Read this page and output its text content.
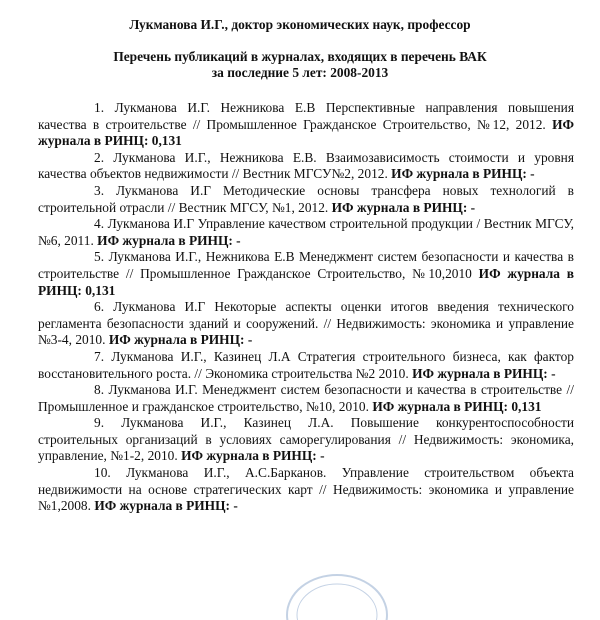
Лукманова И.Г., доктор экономических наук, профессор
Перечень публикаций в журналах, входящих в перечень ВАК
за последние 5 лет: 2008-2013

1. Лукманова И.Г. Нежникова Е.В Перспективные направления повышения качества в строительстве // Промышленное Гражданское Строительство, №12, 2012. ИФ журнала в РИНЦ: 0,131

2. Лукманова И.Г., Нежникова Е.В. Взаимозависимость стоимости и уровня качества объектов недвижимости // Вестник МГСУ№2, 2012. ИФ журнала в РИНЦ: -

3. Лукманова И.Г Методические основы трансфера новых технологий в строительной отрасли // Вестник МГСУ, №1, 2012. ИФ журнала в РИНЦ: -

4. Лукманова И.Г Управление качеством строительной продукции / Вестник МГСУ, №6, 2011. ИФ журнала в РИНЦ: -

5. Лукманова И.Г., Нежникова Е.В Менеджмент систем безопасности и качества в строительстве // Промышленное Гражданское Строительство, №10,2010 ИФ журнала в РИНЦ: 0,131

6. Лукманова И.Г Некоторые аспекты оценки итогов введения технического регламента безопасности зданий и сооружений. // Недвижимость: экономика и управление №3-4, 2010. ИФ журнала в РИНЦ: -

7. Лукманова И.Г., Казинец Л.А Стратегия строительного бизнеса, как фактор восстановительного роста. // Экономика строительства №2 2010. ИФ журнала в РИНЦ: -

8. Лукманова И.Г. Менеджмент систем безопасности и качества в строительстве // Промышленное и гражданское строительство, №10, 2010. ИФ журнала в РИНЦ: 0,131

9. Лукманова И.Г., Казинец Л.А. Повышение конкурентоспособности строительных организаций в условиях саморегулирования // Недвижимость: экономика, управление, №1-2, 2010. ИФ журнала в РИНЦ: -

10. Лукманова И.Г., А.С.Барканов. Управление строительством объекта недвижимости на основе стратегических карт // Недвижимость: экономика и управление №1,2008. ИФ журнала в РИНЦ: -
